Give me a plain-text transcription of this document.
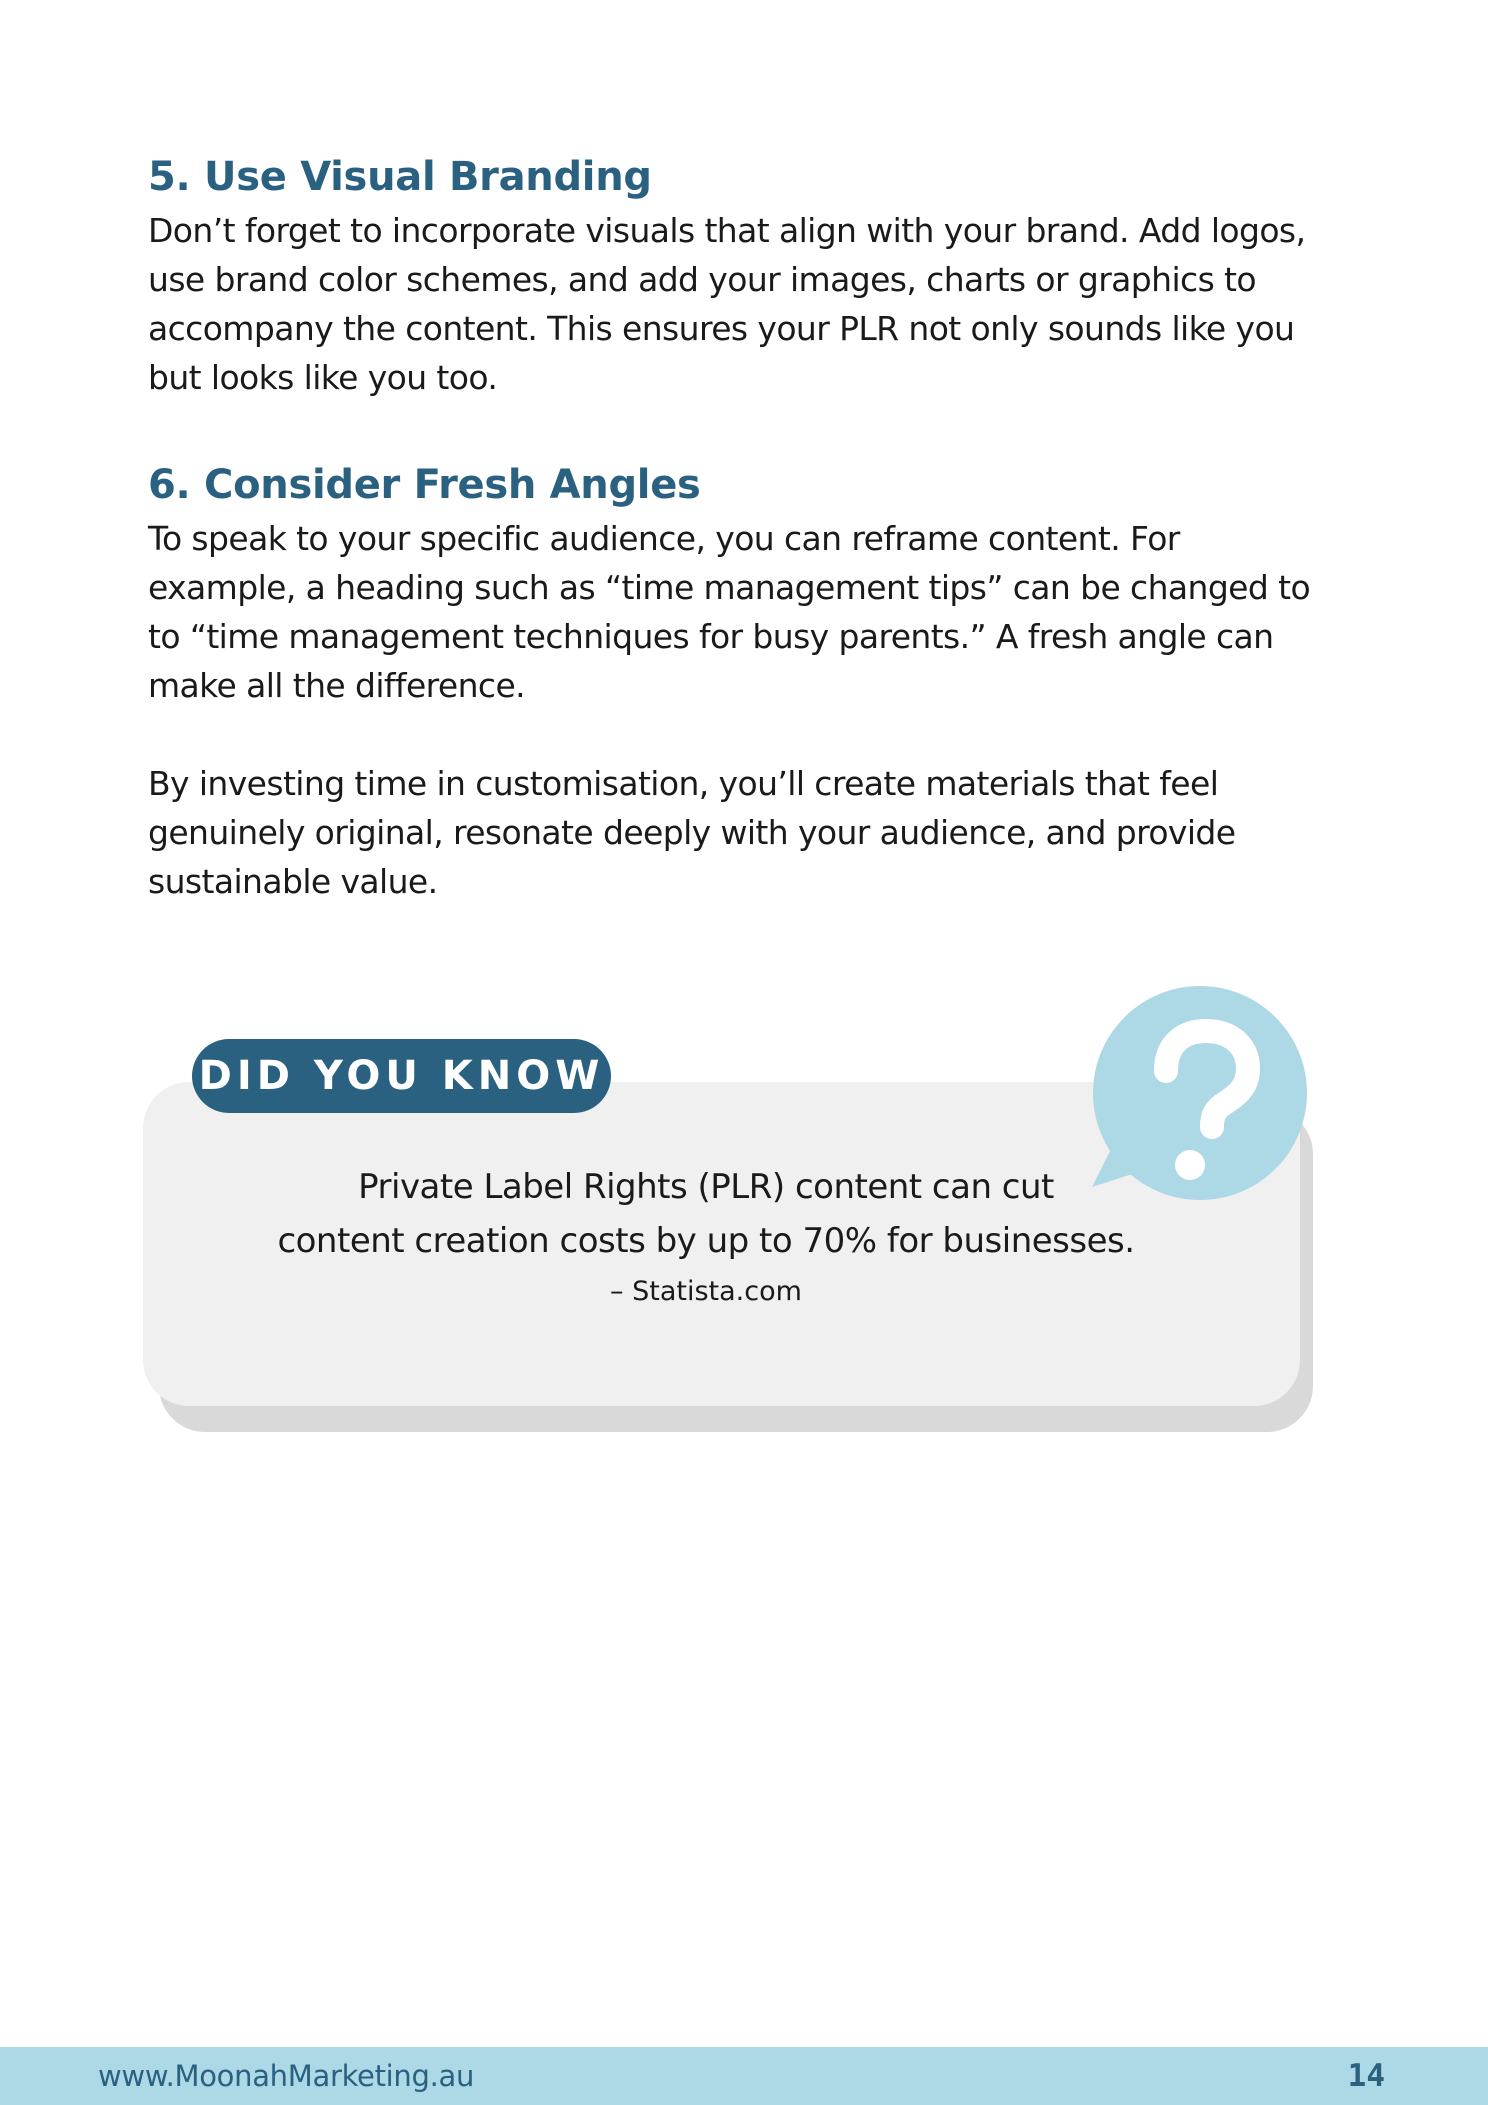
5. Use Visual Branding

Don’t forget to incorporate visuals that align with your brand. Add logos,
use brand color schemes, and add your images, charts or graphics to
accompany the content. This ensures your PLR not only sounds like you
but looks like you too.

6. Consider Fresh Angles

To speak to your specific audience, you can reframe content. For
example, a heading such as “time management tips” can be changed to
to “time management techniques for busy parents.” A fresh angle can
make all the difference.

By investing time in customisation, you’ll create materials that feel
genuinely original, resonate deeply with your audience, and provide
sustainable value.

DID YOU KNOW
Private Label Rights (PLR) content can cut
content creation costs by up to 70% for businesses.
– Statista.com
www.MoonahMarketing.au	14
